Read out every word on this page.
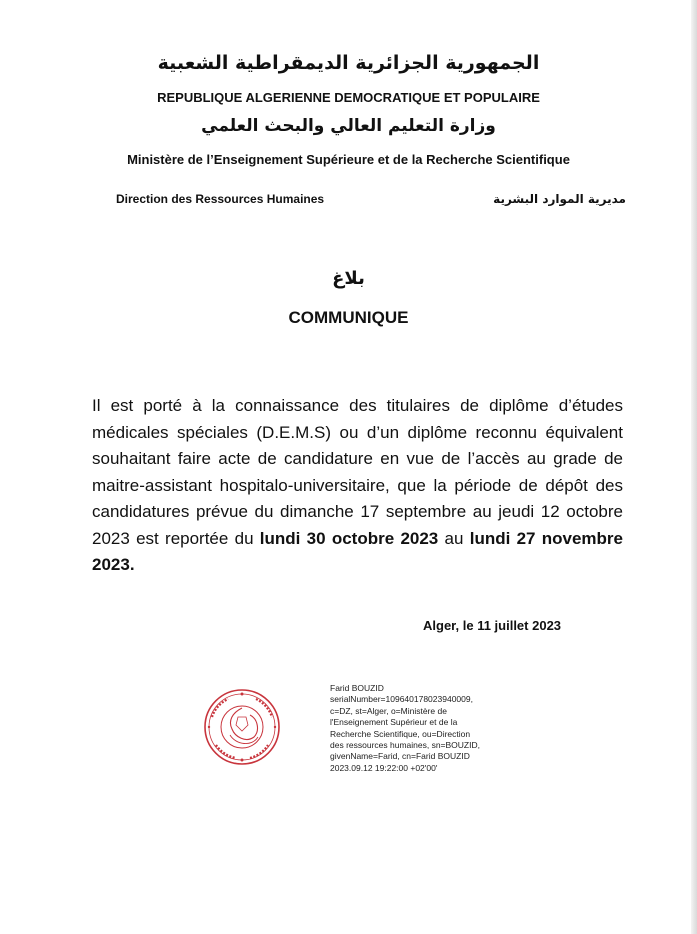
الجمهورية الجزائرية الديمقراطية الشعبية
REPUBLIQUE ALGERIENNE DEMOCRATIQUE ET POPULAIRE
وزارة التعليم العالي والبحث العلمي
Ministère de l’Enseignement Supérieure et de la Recherche Scientifique
Direction des Ressources Humaines	مديرية الموارد البشرية
بلاغ
COMMUNIQUE
Il est porté à la connaissance des titulaires de diplôme d’études médicales spéciales (D.E.M.S) ou d’un diplôme reconnu équivalent souhaitant faire acte de candidature en vue de l’accès au grade de maitre-assistant hospitalo-universitaire, que la période de dépôt des candidatures prévue du dimanche 17 septembre au jeudi 12 octobre 2023 est reportée du lundi 30 octobre 2023 au lundi 27 novembre 2023.
Alger, le 11 juillet 2023
Farid BOUZID
serialNumber=109640178023940009,
c=DZ, st=Alger, o=Ministère de
l'Enseignement Supérieur et de la
Recherche Scientifique, ou=Direction
des ressources humaines, sn=BOUZID,
givenName=Farid, cn=Farid BOUZID
2023.09.12 19:22:00 +02'00'
